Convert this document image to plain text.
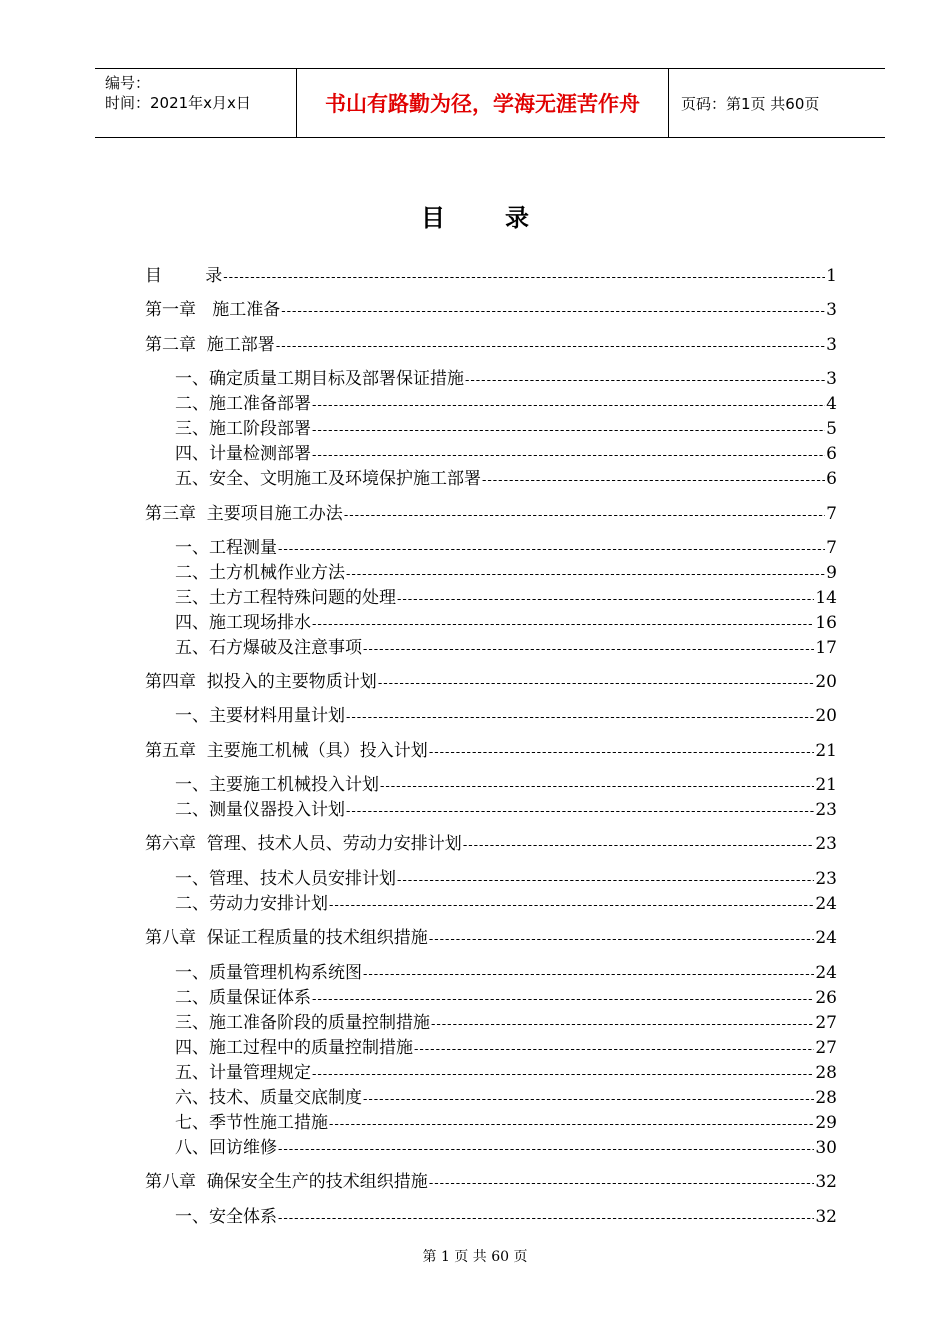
编号：
时间：2021年x月x日	书山有路勤为径，学海无涯苦作舟	页码：第1页 共60页
目	录
目        录 -----	1
第一章   施工准备 -----	3
第二章  施工部署 -----	3
一、确定质量工期目标及部署保证措施 -----	3
二、施工准备部署 -----	4
三、施工阶段部署 -----	5
四、计量检测部署 -----	6
五、安全、文明施工及环境保护施工部署 -----	6
第三章  主要项目施工办法 -----	7
一、工程测量 -----	7
二、土方机械作业方法 -----	9
三、土方工程特殊问题的处理 -----	14
四、施工现场排水 -----	16
五、石方爆破及注意事项 -----	17
第四章  拟投入的主要物质计划 -----	20
一、主要材料用量计划 -----	20
第五章  主要施工机械（具）投入计划 -----	21
一、主要施工机械投入计划 -----	21
二、测量仪器投入计划 -----	23
第六章  管理、技术人员、劳动力安排计划 -----	23
一、管理、技术人员安排计划 -----	23
二、劳动力安排计划 -----	24
第八章  保证工程质量的技术组织措施 -----	24
一、质量管理机构系统图 -----	24
二、质量保证体系 -----	26
三、施工准备阶段的质量控制措施 -----	27
四、施工过程中的质量控制措施 -----	27
五、计量管理规定 -----	28
六、技术、质量交底制度 -----	28
七、季节性施工措施 -----	29
八、回访维修 -----	30
第八章  确保安全生产的技术组织措施 -----	32
一、安全体系 -----	32
第 1 页 共 60 页
